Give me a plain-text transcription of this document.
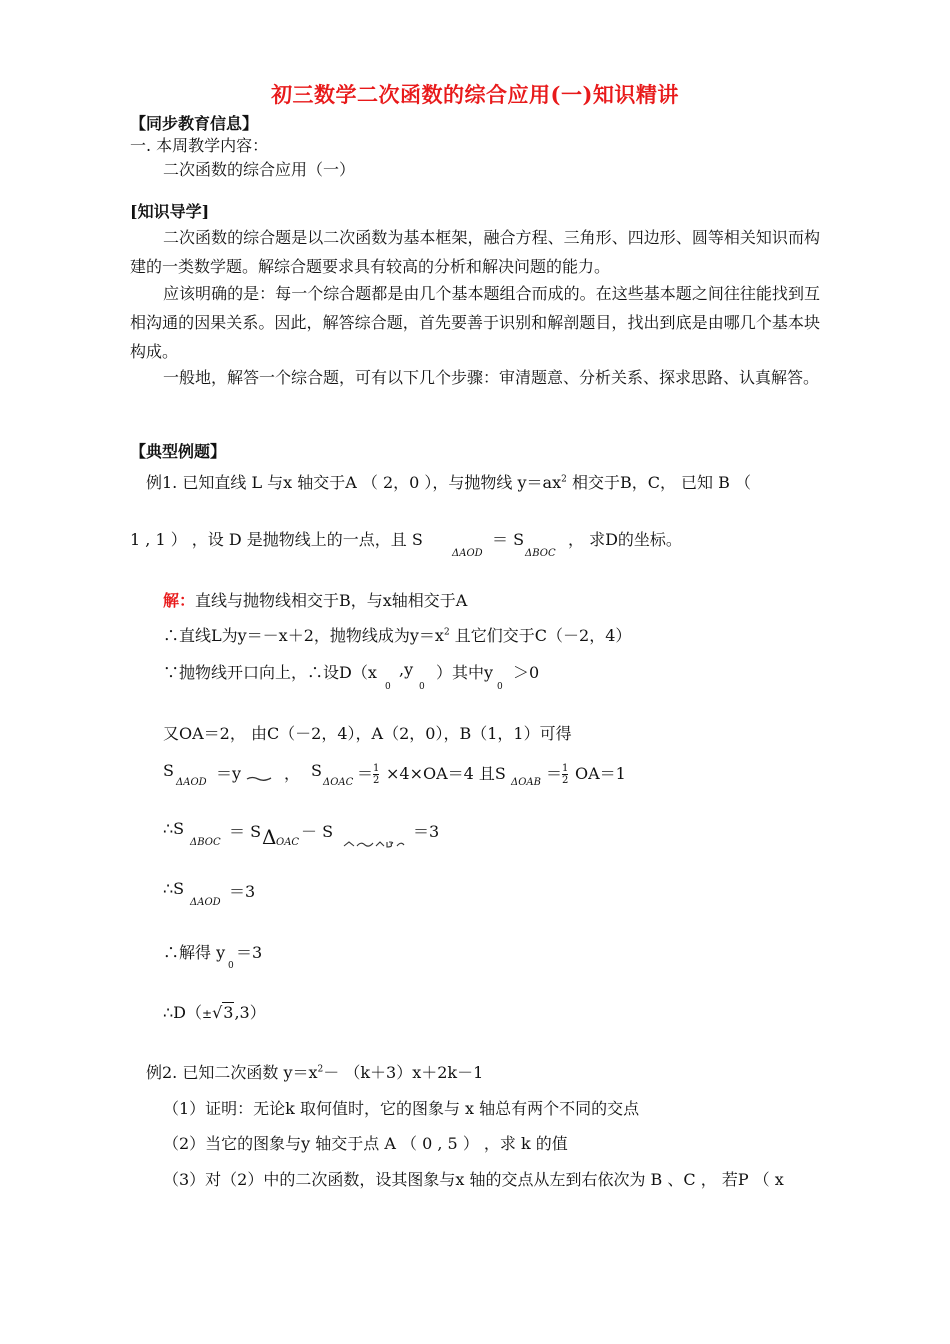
初三数学二次函数的综合应用(一)知识精讲
【同步教育信息】
一. 本周教学内容：
二次函数的综合应用（一）
[知识导学]
二次函数的综合题是以二次函数为基本框架，融合方程、三角形、四边形、圆等相关知识而构建的一类数学题。解综合题要求具有较高的分析和解决问题的能力。
应该明确的是：每一个综合题都是由几个基本题组合而成的。在这些基本题之间往往能找到互相沟通的因果关系。因此，解答综合题，首先要善于识别和解剖题目，找出到底是由哪几个基本块构成。
一般地，解答一个综合题，可有以下几个步骤：审清题意、分析关系、探求思路、认真解答。
【典型例题】
例1. 已知直线 L 与x 轴交于A （ 2，0 ），与抛物线 $y=ax^2$ 相交于B，C， 已知 B （
1 , 1 ） ，设 D 是抛物线上的一点，且 S
ΔAOD
＝ S
ΔBOC
， 求D的坐标。
解：直线与抛物线相交于B，与x轴相交于A
∴直线L为y＝－x＋2，抛物线成为$y=x^2$ 且它们交于C（－2，4）
∵抛物线开口向上，∴设D（x
0
,y
0
）其中y
0
＞0
又OA＝2， 由C（－2，4），A（2，0），B（1，1）可得
S
ΔAOD ＝y	， S
$\Delta OAC = \frac{1}{2} \times 4\times OA=4$ 且S $\Delta OAB = \frac{1}{2} OA=1$
∴S
ΔBOC
＝ S Δ OAC
－ S	＝3
∴S
ΔAOD
＝3
∴解得 y
0
＝3
∴D（±√3,3）
例2. 已知二次函数 $y=x^2- (k+3)x+2k-1$
（1）证明：无论k 取何值时，它的图象与 x 轴总有两个不同的交点
（2）当它的图象与y 轴交于点 A （ 0 , 5 ） ，求 k 的值
（3）对（2）中的二次函数，设其图象与x 轴的交点从左到右依次为 B 、C ， 若P （ x
